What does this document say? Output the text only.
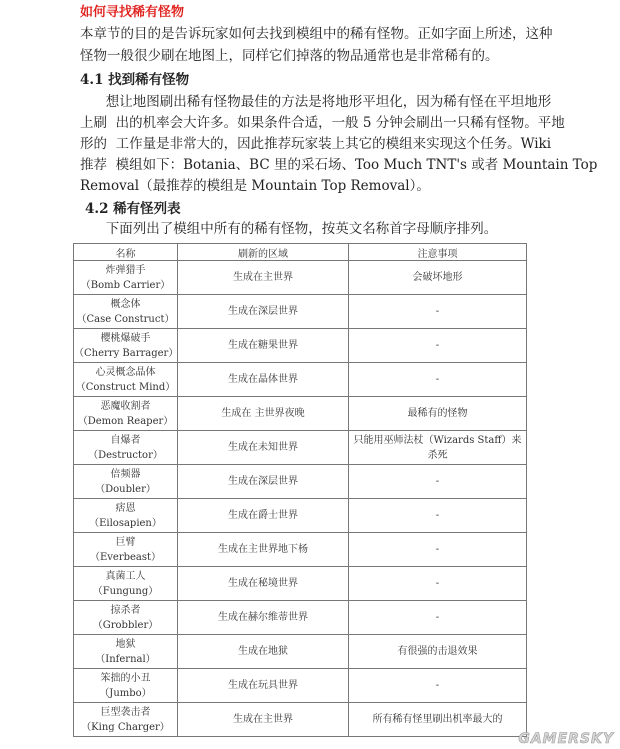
如何寻找稀有怪物
本章节的目的是告诉玩家如何去找到模组中的稀有怪物。正如字面上所述，这种
怪物一般很少刷在地图上，同样它们掉落的物品通常也是非常稀有的。
4.1 找到稀有怪物
想让地图刷出稀有怪物最佳的方法是将地形平坦化，因为稀有怪在平坦地形
上刷  出的机率会大许多。如果条件合适，一般 5 分钟会刷出一只稀有怪物。平地
形的  工作量是非常大的，因此推荐玩家装上其它的模组来实现这个任务。Wiki
推荐  模组如下：Botania、BC 里的采石场、Too Much TNT's 或者 Mountain Top
Removal（最推荐的模组是 Mountain Top Removal）。
4.2 稀有怪列表
下面列出了模组中所有的稀有怪物，按英文名称首字母顺序排列。
名称	刷新的区域	注意事项
炸弹猎手
（Bomb Carrier）	生成在主世界	会破坏地形
概念体
（Case Construct）	生成在深层世界	-
樱桃爆破手
（Cherry Barrager）	生成在糖果世界	-
心灵概念晶体
（Construct Mind）	生成在晶体世界	-
恶魔收割者
（Demon Reaper）	生成在 主世界夜晚	最稀有的怪物
自爆者
（Destructor）	生成在未知世界	只能用巫师法杖（Wizards Staff）来杀死
倍频器
（Doubler）	生成在深层世界	-
痞恩
（Eilosapien）	生成在爵士世界	-
巨臂
（Everbeast）	生成在主世界地下杨	-
真菌工人
（Fungung）	生成在秘境世界	-
掠杀者
（Grobbler）	生成在赫尔维蒂世界	-
地狱
（Infernal）	生成在地狱	有很强的击退效果
笨拙的小丑
（Jumbo）	生成在玩具世界	-
巨型袭击者
（King Charger）	生成在主世界	所有稀有怪里刷出机率最大的
GAMERSKY
